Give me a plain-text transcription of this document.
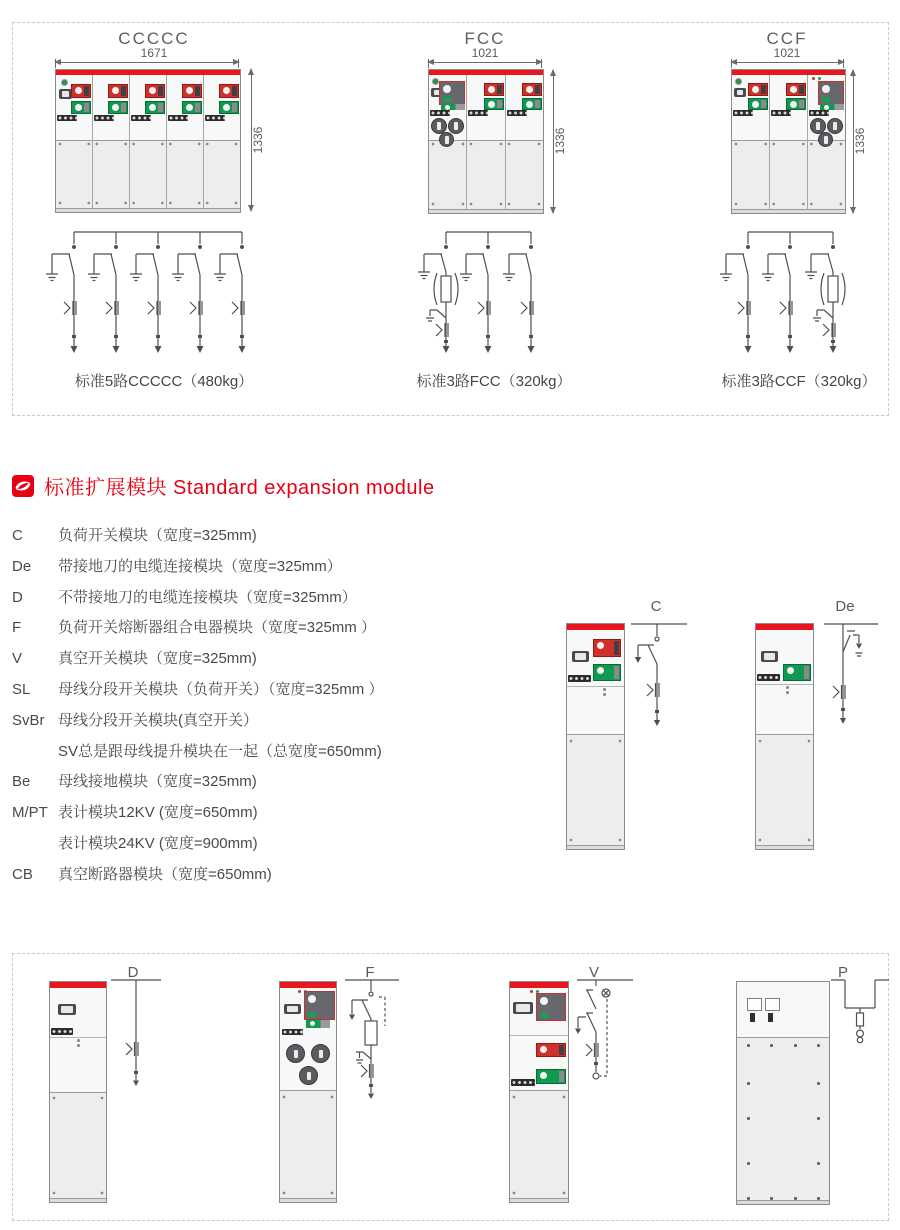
CCCCC
1671
1336
标准5路CCCCC（480kg）
FCC
1021
1336
标准3路FCC（320kg）
CCF
1021
1336
标准3路CCF（320kg）
标准扩展模块 Standard expansion module
C	负荷开关模块（宽度=325mm)
De	带接地刀的电缆连接模块（宽度=325mm）
D	不带接地刀的电缆连接模块（宽度=325mm）
F	负荷开关熔断器组合电器模块（宽度=325mm ）
V	真空开关模块（宽度=325mm)
SL	母线分段开关模块（负荷开关）（宽度=325mm ）
SvBr 母线分段开关模块(真空开关）
SV总是跟母线提升模块在一起（总宽度=650mm)
Be	母线接地模块（宽度=325mm)
M/PT 表计模块12KV (宽度=650mm)
表计模块24KV (宽度=900mm)
CB	真空断路器模块（宽度=650mm)
C	De
D	F	V	P
